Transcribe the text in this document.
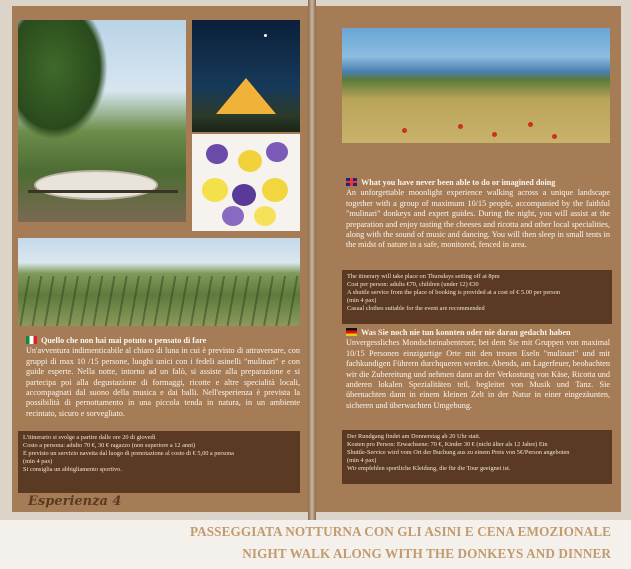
Quello che non hai mai potuto o pensato di fare

Un'avventura indimenticabile al chiaro di luna in cui è previsto di attraversare, con gruppi di max 10 /15 persone, luoghi unici con i fedeli asinelli "mulinari" e con guide esperte. Nella notte, intorno ad un falò, si assiste alla preparazione e si partecipa poi alla degustazione di formaggi, ricotte e altre specialità locali, accompagnati dal suono della musica e dai balli. Nell'esperienza è prevista la possibilità di pernottamento in una piccola tenda in natura, in un ambiente recintato, sicuro e sorvegliato.

L'itinerario si svolge a partire dalle ore 20 di giovedì
Costo a persona: adulto 70 €, 30 € ragazzo (non superiore a 12 anni)
È previsto un servizio navetta dal luogo di prenotazione al costo di € 5,00 a persona
(min 4 pax)
Si consiglia un abbigliamento sportivo.

What you have never been able to do or imagined doing

An unforgettable moonlight experience walking across a unique landscape together with a group of maximum 10/15 people, accompanied by the faithful "mulinari" donkeys and expert guides. During the night, you will assist at the preparation and enjoy tasting the cheeses and ricotta and other local specialities, along with the sound of music and dancing. You will then sleep in small tents in the midst of nature in a safe, monitored, fenced in area.

The itinerary will take place on Thursdays setting off at 8pm
Cost per person: adults €70, children (under 12) €30
A shuttle service from the place of booking is provided at a cost of € 5.00 per person
(min 4 pax)
Casual clothes suitable for the event are recommended

Was Sie noch nie tun konnten oder nie daran gedacht haben

Unvergessliches Mondscheinabenteuer, bei dem Sie mit Gruppen von maximal 10/15 Personen einzigartige Orte mit den treuen Eseln "mulinari" und mit fachkundigen Führern durchqueren werden. Abends, am Lagerfeuer, beobachten wir die Zubereitung und nehmen dann an der Verkostung von Käse, Ricotta und anderen lokalen Spezialitäten teil, begleitet von Musik und Tanz. Sie übernachten dann in einem kleinen Zelt in der Natur in einer eingezäunten, sicheren und überwachten Umgebung.

Der Rundgang findet am Donnerstag ab 20 Uhr statt.
Kosten pro Person: Erwachsene: 70 €, Kinder 30 € (nicht älter als 12 Jahre) Ein
Shuttle-Service wird vom Ort der Buchung aus zu einem Preis von 5€/Person angeboten
(min 4 pax)
Wir empfehlen sportliche Kleidung, die für die Tour geeignet ist.
Esperienza 4
PASSEGGIATA NOTTURNA CON GLI ASINI E CENA EMOZIONALE
NIGHT WALK ALONG WITH THE DONKEYS AND DINNER
